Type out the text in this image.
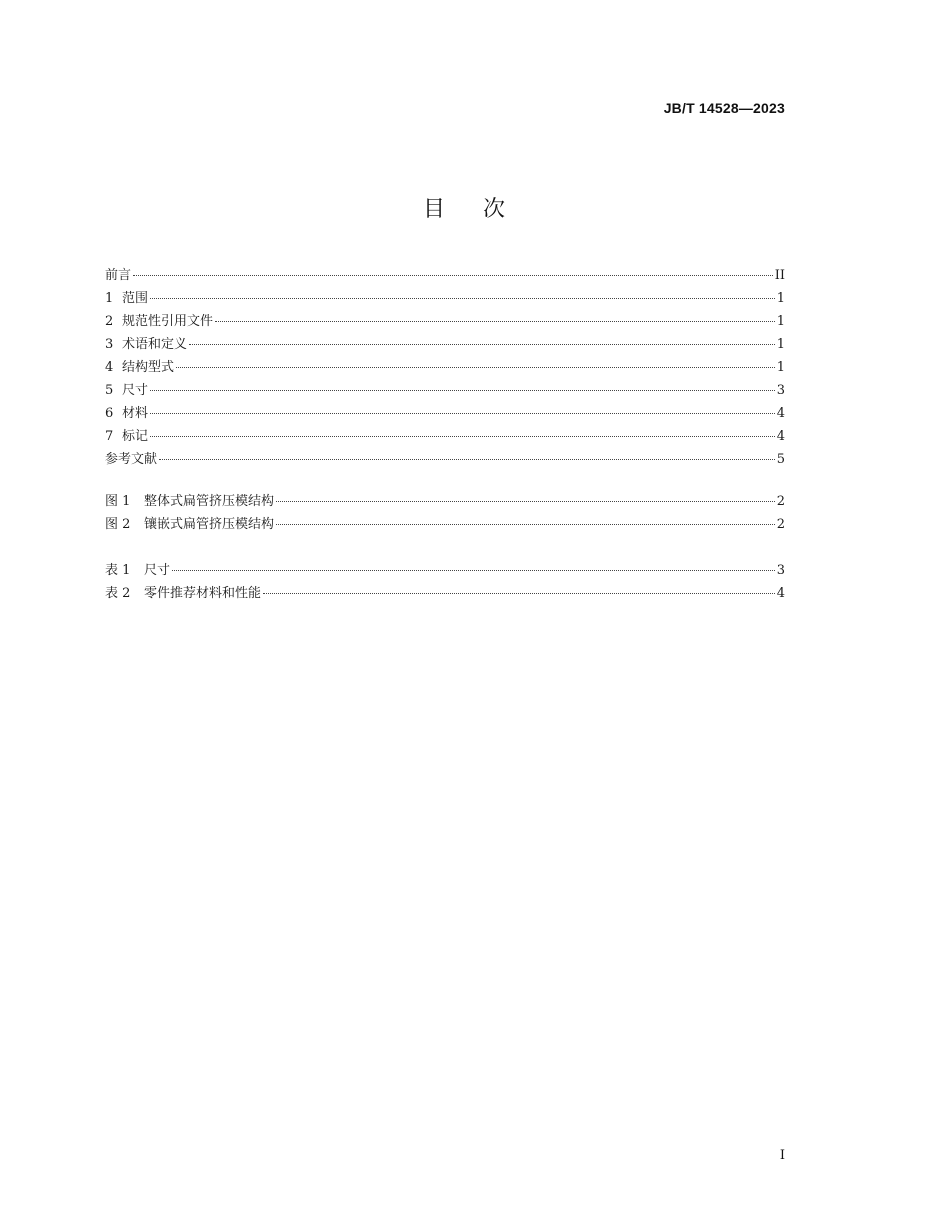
JB/T 14528—2023
目次
前言	II
1 范围	1
2 规范性引用文件	1
3 术语和定义	1
4 结构型式	1
5 尺寸	3
6 材料	4
7 标记	4
参考文献	5
图 1	整体式扁管挤压模结构	2
图 2	镶嵌式扁管挤压模结构	2
表 1	尺寸	3
表 2	零件推荐材料和性能	4
I
